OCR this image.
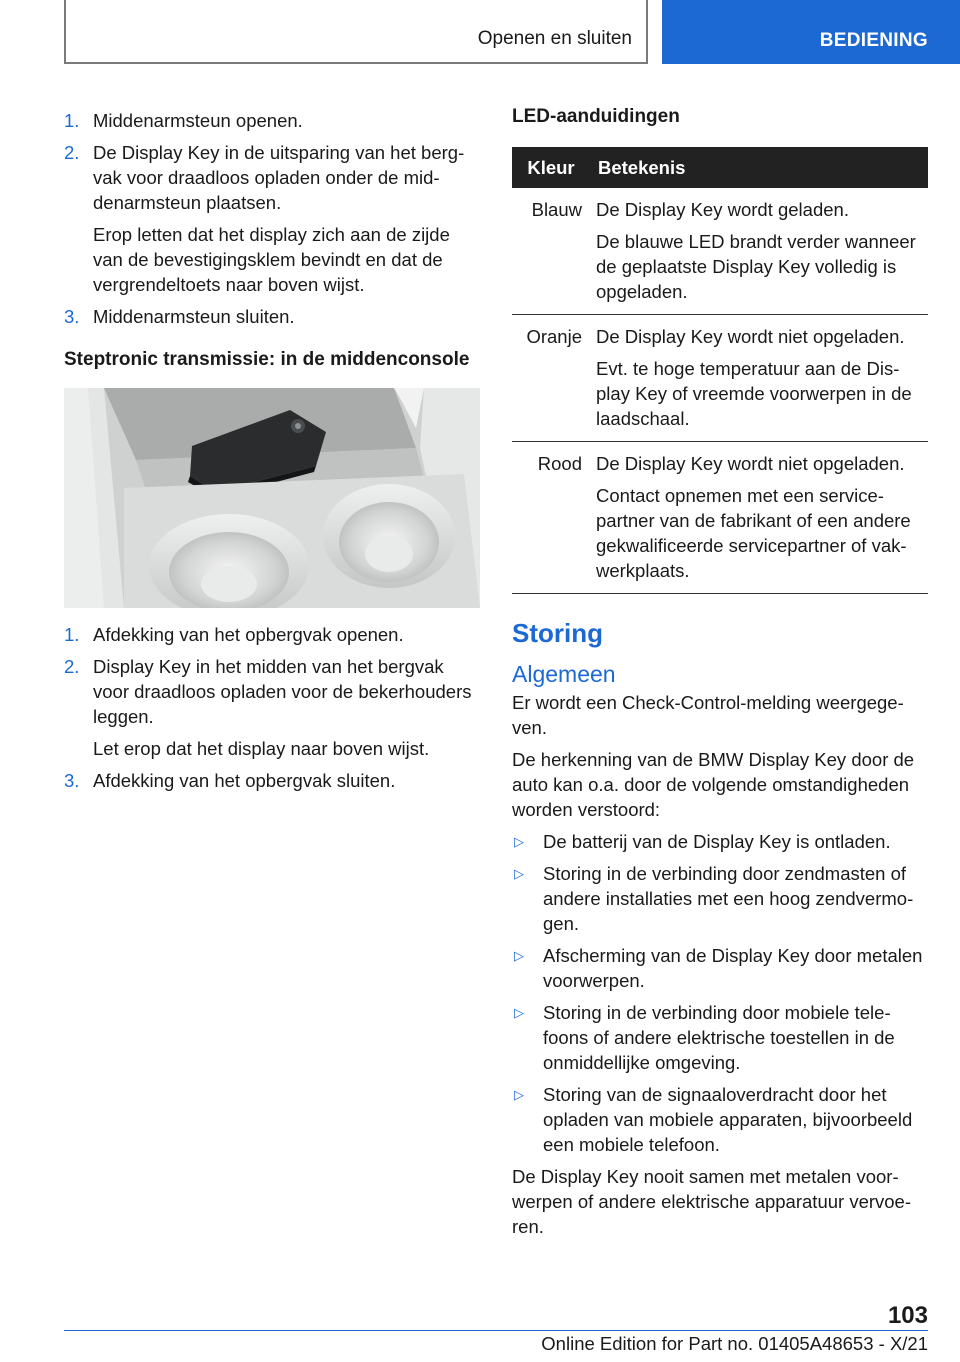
Openen en sluiten	BEDIENING
1. Middenarmsteun openen.

2. De Display Key in de uitsparing van het bergvak voor draadloos opladen onder de middenarmsteun plaatsen.

Erop letten dat het display zich aan de zijde van de bevestigingsklem bevindt en dat de vergrendeltoets naar boven wijst.

3. Middenarmsteun sluiten.

Steptronic transmissie: in de middenconsole
1. Afdekking van het opbergvak openen.

2. Display Key in het midden van het bergvak voor draadloos opladen voor de bekerhouders leggen.

Let erop dat het display naar boven wijst.

3. Afdekking van het opbergvak sluiten.

LED-aanduidingen
Kleur	Betekenis
Blauw	De Display Key wordt geladen.

De blauwe LED brandt verder wanneer de geplaatste Display Key volledig is opgeladen.

Oranje	De Display Key wordt niet opgeladen.

Evt. te hoge temperatuur aan de Display Key of vreemde voorwerpen in de laadschaal.

Rood	De Display Key wordt niet opgeladen.

Contact opnemen met een servicepartner van de fabrikant of een andere gekwalificeerde servicepartner of vakwerkplaats.

Storing
Algemeen

Er wordt een Check-Control-melding weergegeven.

De herkenning van de BMW Display Key door de auto kan o.a. door de volgende omstandigheden worden verstoord:

▷	De batterij van de Display Key is ontladen.
▷	Storing in de verbinding door zendmasten of andere installaties met een hoog zendvermogen.
▷	Afscherming van de Display Key door metalen voorwerpen.
▷	Storing in de verbinding door mobiele telefoons of andere elektrische toestellen in de onmiddellijke omgeving.
▷	Storing van de signaaloverdracht door het opladen van mobiele apparaten, bijvoorbeeld een mobiele telefoon.

De Display Key nooit samen met metalen voorwerpen of andere elektrische apparatuur vervoeren.

103
Online Edition for Part no. 01405A48653 - X/21
